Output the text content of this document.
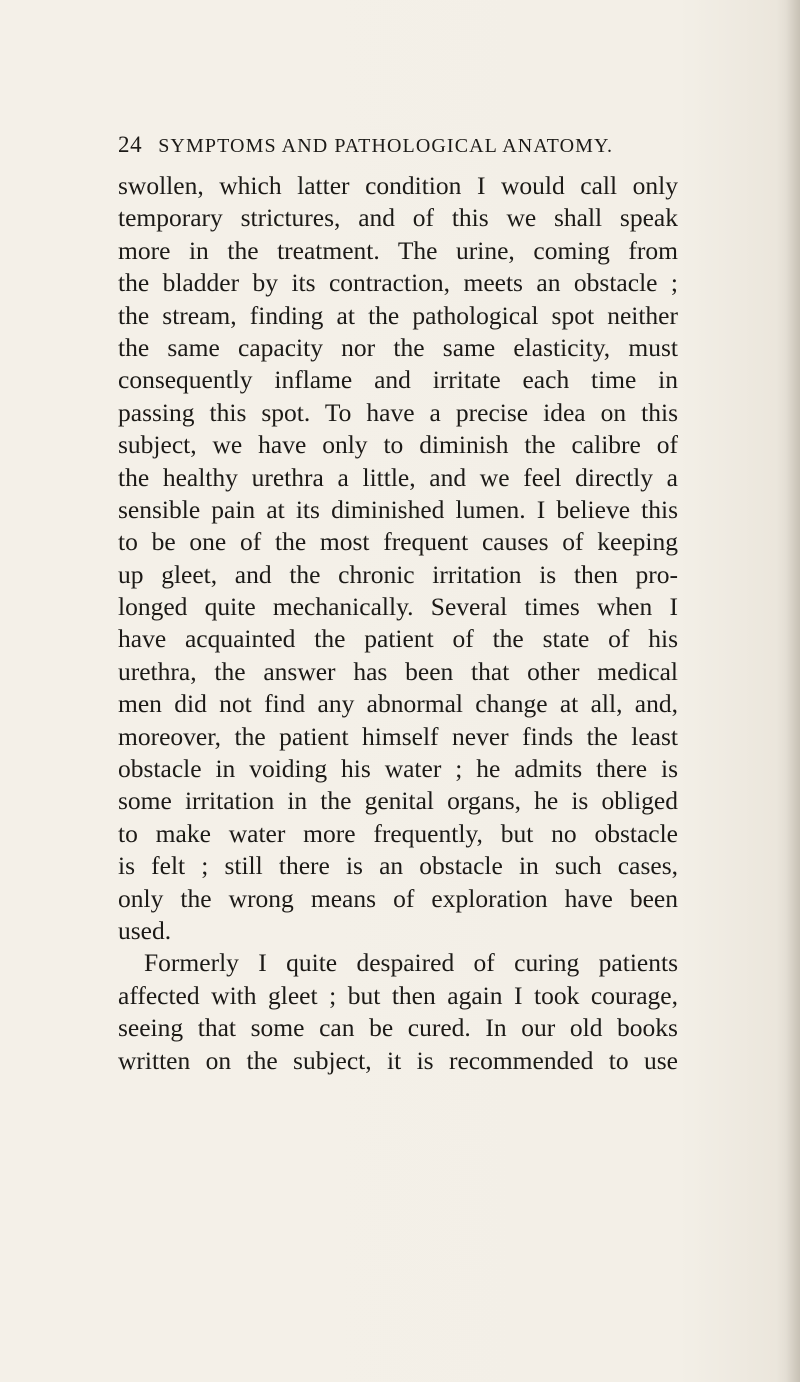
24 SYMPTOMS AND PATHOLOGICAL ANATOMY.
swollen, which latter condition I would call only
temporary strictures, and of this we shall speak
more in the treatment. The urine, coming from
the bladder by its contraction, meets an obstacle ;
the stream, finding at the pathological spot neither
the same capacity nor the same elasticity, must
consequently inflame and irritate each time in
passing this spot. To have a precise idea on this
subject, we have only to diminish the calibre of
the healthy urethra a little, and we feel directly a
sensible pain at its diminished lumen. I believe this
to be one of the most frequent causes of keeping
up gleet, and the chronic irritation is then pro-
longed quite mechanically. Several times when I
have acquainted the patient of the state of his
urethra, the answer has been that other medical
men did not find any abnormal change at all, and,
moreover, the patient himself never finds the least
obstacle in voiding his water ; he admits there is
some irritation in the genital organs, he is obliged
to make water more frequently, but no obstacle
is felt ; still there is an obstacle in such cases,
only the wrong means of exploration have been
used.
Formerly I quite despaired of curing patients
affected with gleet ; but then again I took courage,
seeing that some can be cured. In our old books
written on the subject, it is recommended to use
